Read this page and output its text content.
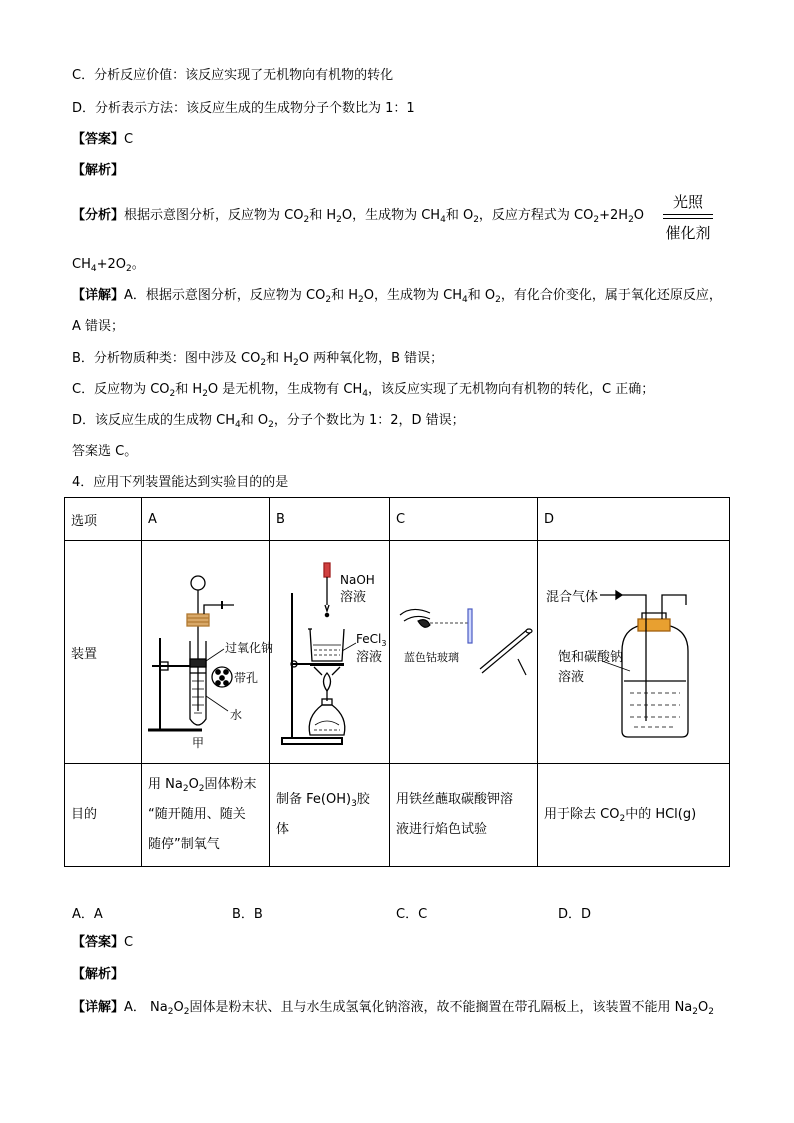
C．分析反应价值：该反应实现了无机物向有机物的转化
D．分析表示方法：该反应生成的生成物分子个数比为 1：1
【答案】C
【解析】
【分析】根据示意图分析，反应物为 $CO_2$和 $H_2O$，生成物为 $CH_4$和 $O_2$，反应方程式为 $CO_2+2H_2O$
光照
催化剂
$CH_4+2O_2$。
【详解】A．根据示意图分析，反应物为 $CO_2$和 $H_2O$，生成物为 $CH_4$和 $O_2$，有化合价变化，属于氧化还原反应，
A 错误；
B．分析物质种类：图中涉及 $CO_2$和 $H_2O$ 两种氧化物，B 错误；
C．反应物为 $CO_2$和 $H_2O$ 是无机物，生成物有 $CH_4$，该反应实现了无机物向有机物的转化，C 正确；
D．该反应生成的生成物 $CH_4$和 $O_2$，分子个数比为 1：2，D 错误；
答案选 C。
4．应用下列装置能达到实验目的的是
选项	A	B	C	D
装置	过氧化钠
带孔
水
甲	NaOH
溶液
FeCl$_3$
溶液	蓝色钴玻璃	混合气体
饱和碳酸钠
溶液

目的	用 $Na_2O_2$固体粉末
“随开随用、随关
随停”制氧气	制备 $Fe(OH)_3$胶
体	用铁丝蘸取碳酸钾溶
液进行焰色试验	用于除去 $CO_2$中的 HCl(g)
A．A	B．B	C．C	D．D
【答案】C
【解析】
【详解】A． $Na_2O_2$固体是粉末状、且与水生成氢氧化钠溶液，故不能搁置在带孔隔板上，该装置不能用 $Na_2O_2$
